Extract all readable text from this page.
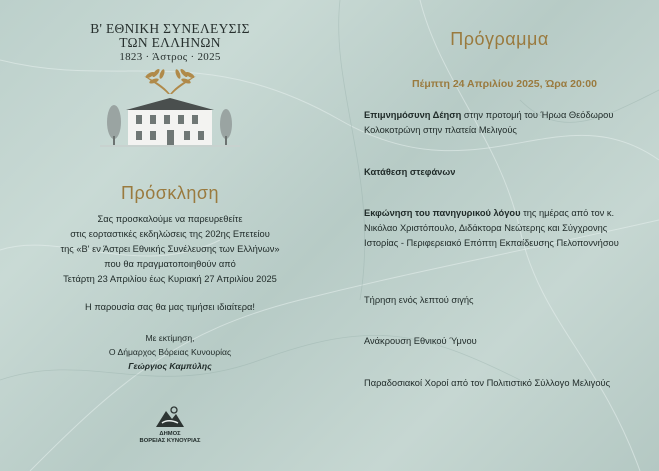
Β' ΕΘΝΙΚΗ ΣΥΝΕΛΕΥΣΙΣ
ΤΩΝ ΕΛΛΗΝΩΝ
1823 · Άστρος · 2025
Πρόσκληση
Σας προσκαλούμε να παρευρεθείτε
στις εορταστικές εκδηλώσεις της 202ης Επετείου
της «Β' εν Άστρει Εθνικής Συνέλευσης των Ελλήνων»
που θα πραγματοποιηθούν από
Τετάρτη 23 Απριλίου έως Κυριακή 27 Απριλίου 2025
Η παρουσία σας θα μας τιμήσει ιδιαίτερα!
Με εκτίμηση,
Ο Δήμαρχος Βόρειας Κυνουρίας
Γεώργιος Καμπύλης
ΔΗΜΟΣ
ΒΟΡΕΙΑΣ ΚΥΝΟΥΡΙΑΣ
Πρόγραμμα
Πέμπτη 24 Απριλίου 2025, Ώρα 20:00
Επιμνημόσυνη Δέηση στην προτομή του Ήρωα Θεόδωρου Κολοκοτρώνη στην πλατεία Μελιγούς
Κατάθεση στεφάνων
Εκφώνηση του πανηγυρικού λόγου της ημέρας από τον κ. Νικόλαο Χριστόπουλο, Διδάκτορα Νεώτερης και Σύγχρονης Ιστορίας - Περιφερειακό Επόπτη Εκπαίδευσης Πελοποννήσου
Τήρηση ενός λεπτού σιγής
Ανάκρουση Εθνικού Ύμνου
Παραδοσιακοί Χοροί από τον Πολιτιστικό Σύλλογο Μελιγούς
